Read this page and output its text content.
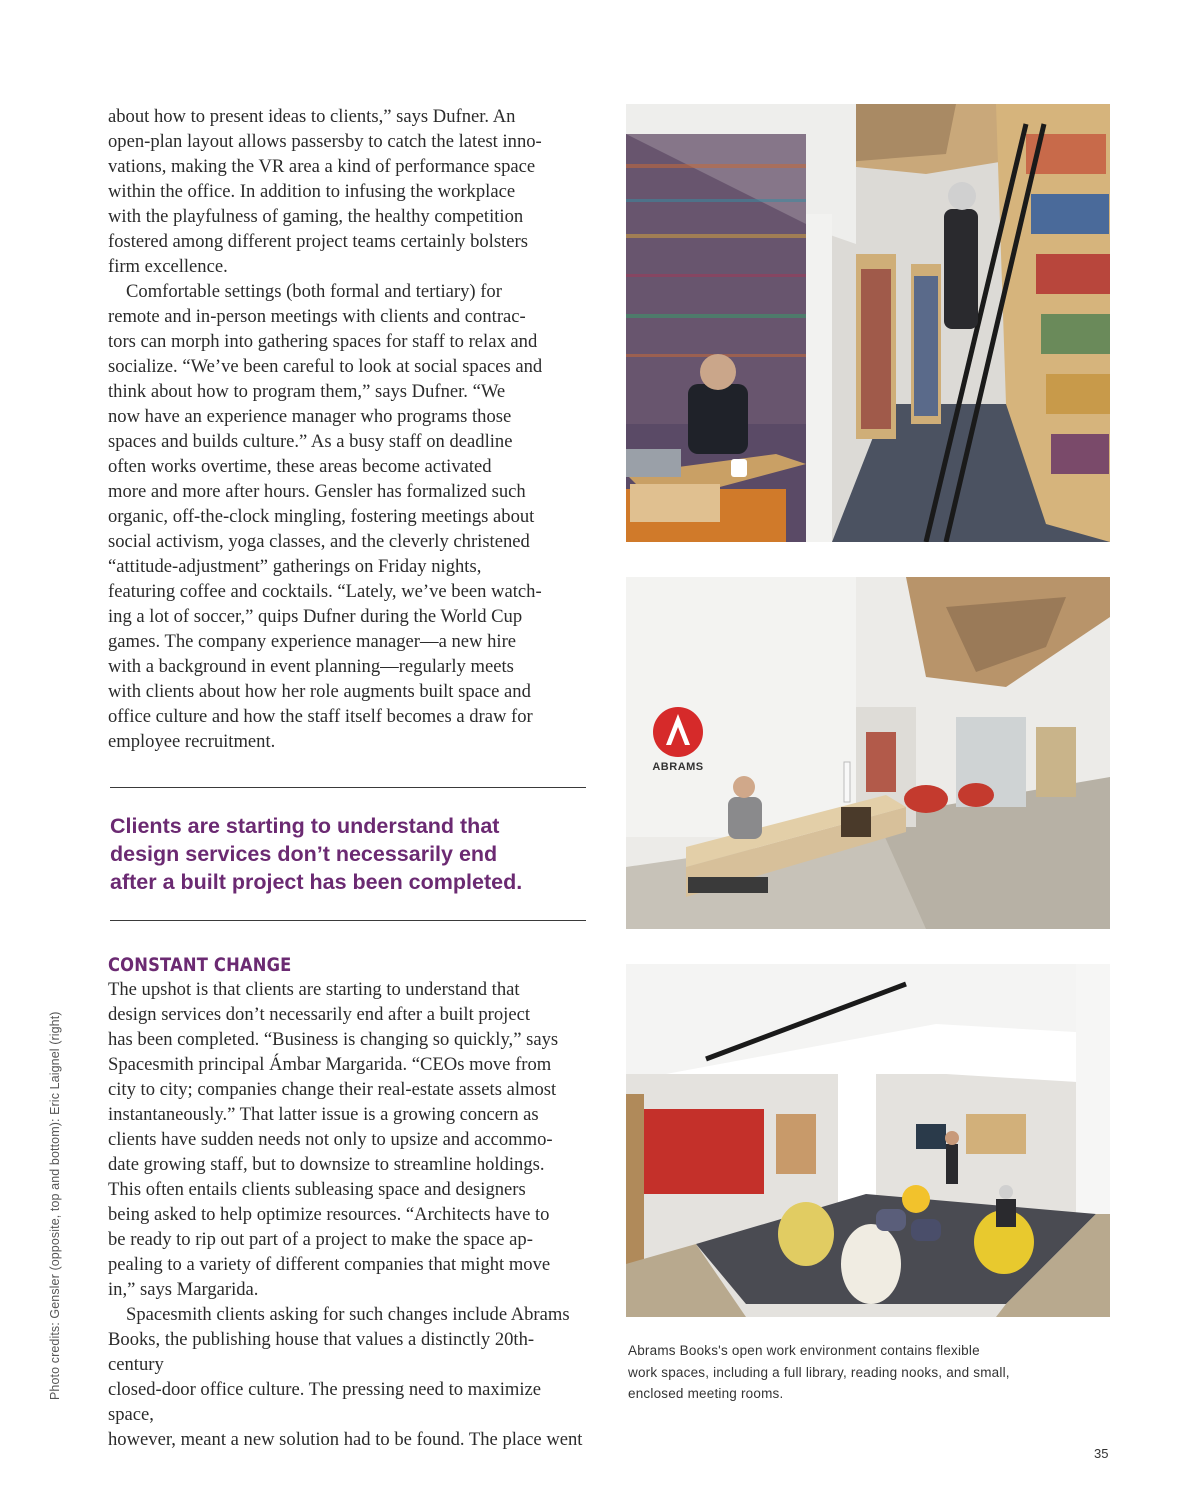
Photo credits: Gensler (opposite, top and bottom): Eric Laignel (right)

about how to present ideas to clients,” says Dufner. An

open-plan layout allows passersby to catch the latest inno-

vations, making the VR area a kind of performance space

within the office. In addition to infusing the workplace

with the playfulness of gaming, the healthy competition

fostered among different project teams certainly bolsters

firm excellence.

Comfortable settings (both formal and tertiary) for

remote and in-person meetings with clients and contrac-

tors can morph into gathering spaces for staff to relax and

socialize. “We’ve been careful to look at social spaces and

think about how to program them,” says Dufner. “We

now have an experience manager who programs those

spaces and builds culture.” As a busy staff on deadline

often works overtime, these areas become activated

more and more after hours. Gensler has formalized such

organic, off-the-clock mingling, fostering meetings about

social activism, yoga classes, and the cleverly christened

“attitude-adjustment” gatherings on Friday nights,

featuring coffee and cocktails. “Lately, we’ve been watch-

ing a lot of soccer,” quips Dufner during the World Cup

games. The company experience manager—a new hire

with a background in event planning—regularly meets

with clients about how her role augments built space and

office culture and how the staff itself becomes a draw for

employee recruitment.

Clients are starting to understand that

design services don’t necessarily end

after a built project has been completed.

CONSTANT CHANGE

The upshot is that clients are starting to understand that

design services don’t necessarily end after a built project

has been completed. “Business is changing so quickly,” says

Spacesmith principal Ámbar Margarida. “CEOs move from

city to city; companies change their real-estate assets almost

instantaneously.” That latter issue is a growing concern as

clients have sudden needs not only to upsize and accommo-

date growing staff, but to downsize to streamline holdings.

This often entails clients subleasing space and designers

being asked to help optimize resources. “Architects have to

be ready to rip out part of a project to make the space ap-

pealing to a variety of different companies that might move

in,” says Margarida.

Spacesmith clients asking for such changes include Abrams

Books, the publishing house that values a distinctly 20th-century

closed-door office culture. The pressing need to maximize space,

however, meant a new solution had to be found. The place went

ABRAMS
Abrams Books's open work environment contains flexible
work spaces, including a full library, reading nooks, and small,
enclosed meeting rooms.
35
